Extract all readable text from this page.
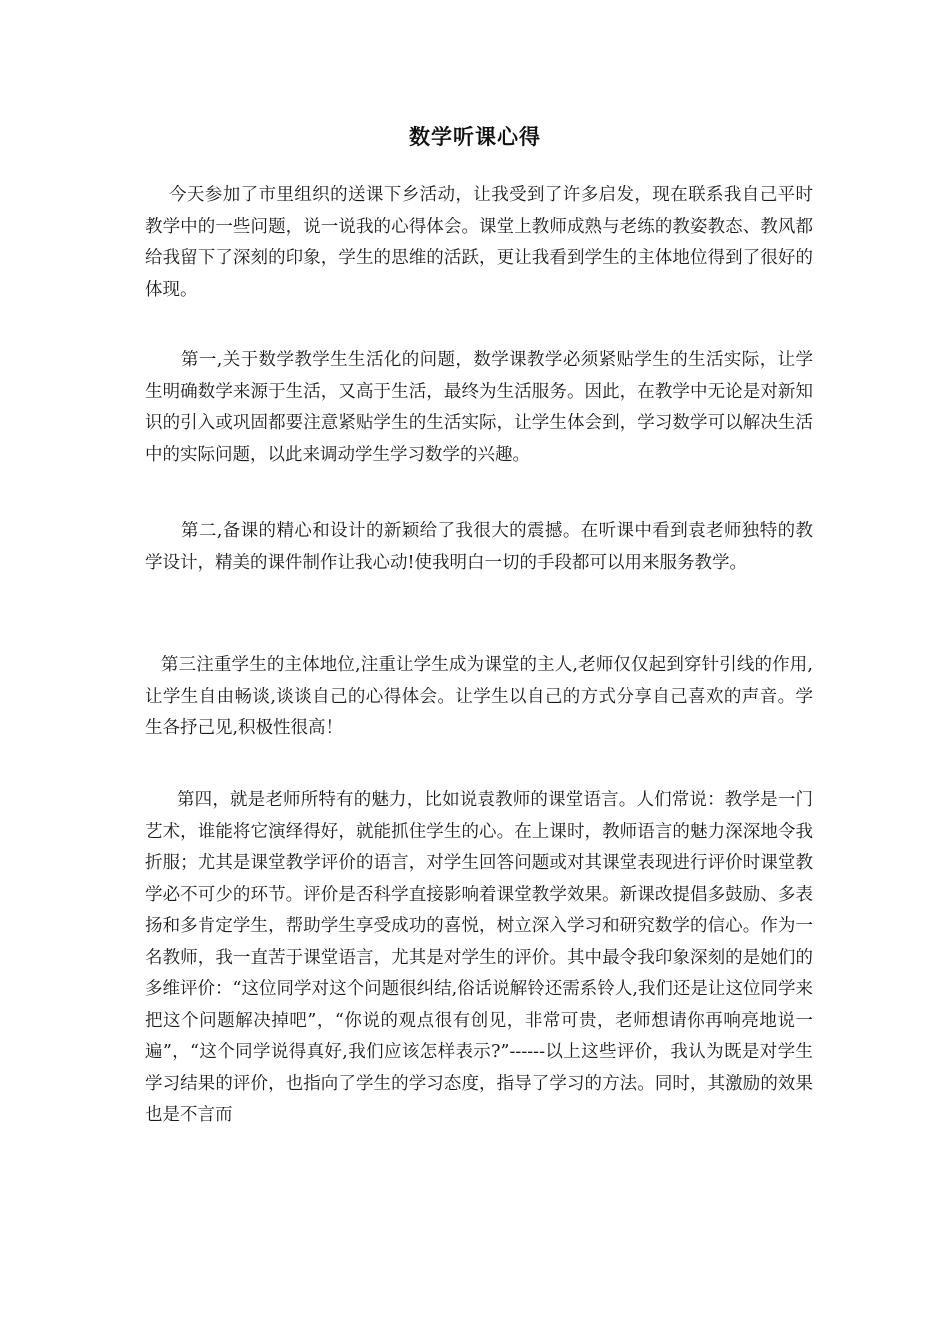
数学听课心得

今天参加了市里组织的送课下乡活动，让我受到了许多启发，现在联系我自己平时教学中的一些问题，说一说我的心得体会。课堂上教师成熟与老练的教姿教态、教风都给我留下了深刻的印象，学生的思维的活跃，更让我看到学生的主体地位得到了很好的体现。

第一,关于数学教学生生活化的问题，数学课教学必须紧贴学生的生活实际，让学生明确数学来源于生活，又高于生活，最终为生活服务。因此，在教学中无论是对新知识的引入或巩固都要注意紧贴学生的生活实际，让学生体会到，学习数学可以解决生活中的实际问题，以此来调动学生学习数学的兴趣。

第二,备课的精心和设计的新颖给了我很大的震撼。在听课中看到袁老师独特的教学设计，精美的课件制作让我心动!使我明白一切的手段都可以用来服务教学。

第三注重学生的主体地位,注重让学生成为课堂的主人,老师仅仅起到穿针引线的作用,让学生自由畅谈,谈谈自己的心得体会。让学生以自己的方式分享自己喜欢的声音。学生各抒己见,积极性很高！

第四，就是老师所特有的魅力，比如说袁教师的课堂语言。人们常说：教学是一门艺术，谁能将它演绎得好，就能抓住学生的心。在上课时，教师语言的魅力深深地令我折服；尤其是课堂教学评价的语言，对学生回答问题或对其课堂表现进行评价时课堂教学必不可少的环节。评价是否科学直接影响着课堂教学效果。新课改提倡多鼓励、多表扬和多肯定学生，帮助学生享受成功的喜悦，树立深入学习和研究数学的信心。作为一名教师，我一直苦于课堂语言，尤其是对学生的评价。其中最令我印象深刻的是她们的多维评价：“这位同学对这个问题很纠结,俗话说解铃还需系铃人,我们还是让这位同学来把这个问题解决掉吧”，“你说的观点很有创见，非常可贵，老师想请你再响亮地说一遍”，“这个同学说得真好,我们应该怎样表示?”------以上这些评价，我认为既是对学生学习结果的评价，也指向了学生的学习态度，指导了学习的方法。同时，其激励的效果也是不言而
